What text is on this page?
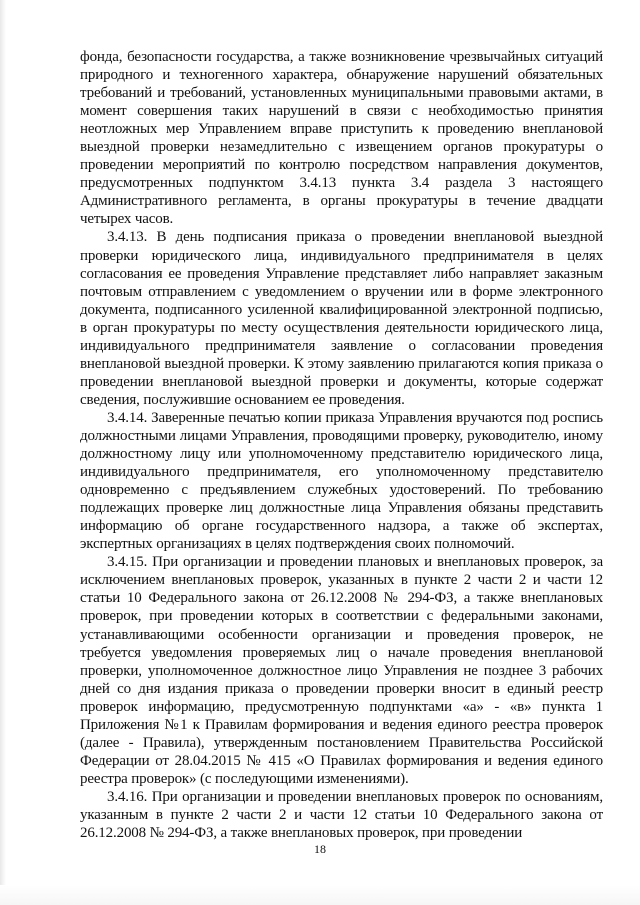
фонда, безопасности государства, а также возникновение чрезвычайных ситуаций природного и техногенного характера, обнаружение нарушений обязательных требований и требований, установленных муниципальными правовыми актами, в момент совершения таких нарушений в связи с необходимостью принятия неотложных мер Управлением вправе приступить к проведению внеплановой выездной проверки незамедлительно с извещением органов прокуратуры о проведении мероприятий по контролю посредством направления документов, предусмотренных подпунктом 3.4.13 пункта 3.4 раздела 3 настоящего Административного регламента, в органы прокуратуры в течение двадцати четырех часов.

3.4.13. В день подписания приказа о проведении внеплановой выездной проверки юридического лица, индивидуального предпринимателя в целях согласования ее проведения Управление представляет либо направляет заказным почтовым отправлением с уведомлением о вручении или в форме электронного документа, подписанного усиленной квалифицированной электронной подписью, в орган прокуратуры по месту осуществления деятельности юридического лица, индивидуального предпринимателя заявление о согласовании проведения внеплановой выездной проверки. К этому заявлению прилагаются копия приказа о проведении внеплановой выездной проверки и документы, которые содержат сведения, послужившие основанием ее проведения.

3.4.14. Заверенные печатью копии приказа Управления вручаются под роспись должностными лицами Управления, проводящими проверку, руководителю, иному должностному лицу или уполномоченному представителю юридического лица, индивидуального предпринимателя, его уполномоченному представителю одновременно с предъявлением служебных удостоверений. По требованию подлежащих проверке лиц должностные лица Управления обязаны представить информацию об органе государственного надзора, а также об экспертах, экспертных организациях в целях подтверждения своих полномочий.

3.4.15. При организации и проведении плановых и внеплановых проверок, за исключением внеплановых проверок, указанных в пункте 2 части 2 и части 12 статьи 10 Федерального закона от 26.12.2008 № 294-ФЗ, а также внеплановых проверок, при проведении которых в соответствии с федеральными законами, устанавливающими особенности организации и проведения проверок, не требуется уведомления проверяемых лиц о начале проведения внеплановой проверки, уполномоченное должностное лицо Управления не позднее 3 рабочих дней со дня издания приказа о проведении проверки вносит в единый реестр проверок информацию, предусмотренную подпунктами «а» - «в» пункта 1 Приложения №1 к Правилам формирования и ведения единого реестра проверок (далее - Правила), утвержденным постановлением Правительства Российской Федерации от 28.04.2015 № 415 «О Правилах формирования и ведения единого реестра проверок» (с последующими изменениями).

3.4.16. При организации и проведении внеплановых проверок по основаниям, указанным в пункте 2 части 2 и части 12 статьи 10 Федерального закона от 26.12.2008 № 294-ФЗ, а также внеплановых проверок, при проведении

18
